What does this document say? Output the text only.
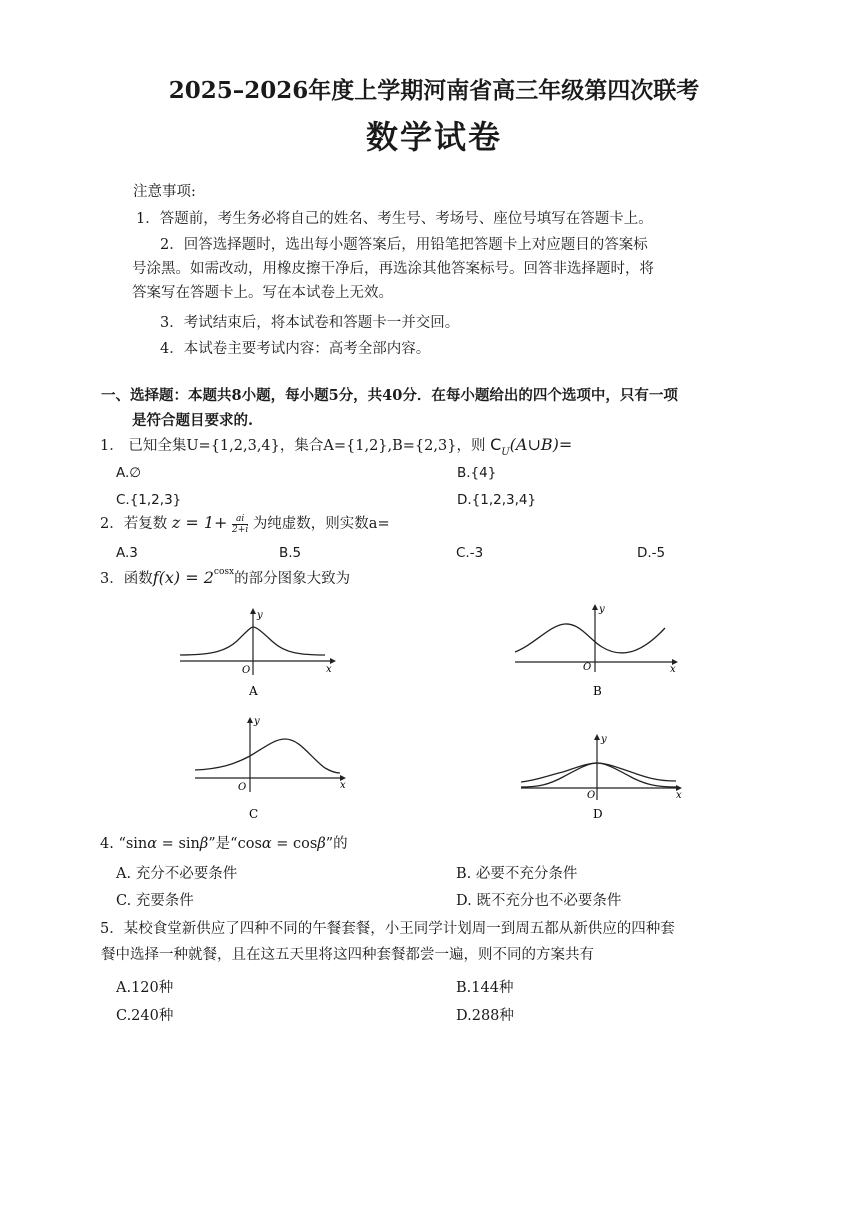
2025–2026年度上学期河南省高三年级第四次联考
数学试卷
注意事项:
1．答题前，考生务必将自己的姓名、考生号、考场号、座位号填写在答题卡上。
2．回答选择题时，选出每小题答案后，用铅笔把答题卡上对应题目的答案标
号涂黑。如需改动，用橡皮擦干净后，再选涂其他答案标号。回答非选择题时，将
答案写在答题卡上。写在本试卷上无效。
3．考试结束后，将本试卷和答题卡一并交回。
4．本试卷主要考试内容：高考全部内容。
一、选择题：本题共8小题，每小题5分，共40分．在每小题给出的四个选项中，只有一项
是符合题目要求的.
1． 已知全集U={1,2,3,4}，集合A={1,2},B={2,3}，则 $C_U(A\cup B)=$
A.∅	B.{4}
C.{1,2,3}	D.{1,2,3,4}
2．若复数 $z = 1+ \frac{ai}{2+i}$ 为纯虚数，则实数a=
A.3	B.5	C.-3	D.-5
3．函数$f(x) = 2^{cosx}$的部分图象大致为
y
x
O
A
y
x
O
B
y
x
O
C
y
x
O
D
4. “sinα = sinβ”是“cosα = cosβ”的
A. 充分不必要条件	B. 必要不充分条件
C. 充要条件	D. 既不充分也不必要条件
5．某校食堂新供应了四种不同的午餐套餐，小王同学计划周一到周五都从新供应的四种套
餐中选择一种就餐，且在这五天里将这四种套餐都尝一遍，则不同的方案共有
A.120种	B.144种
C.240种	D.288种
